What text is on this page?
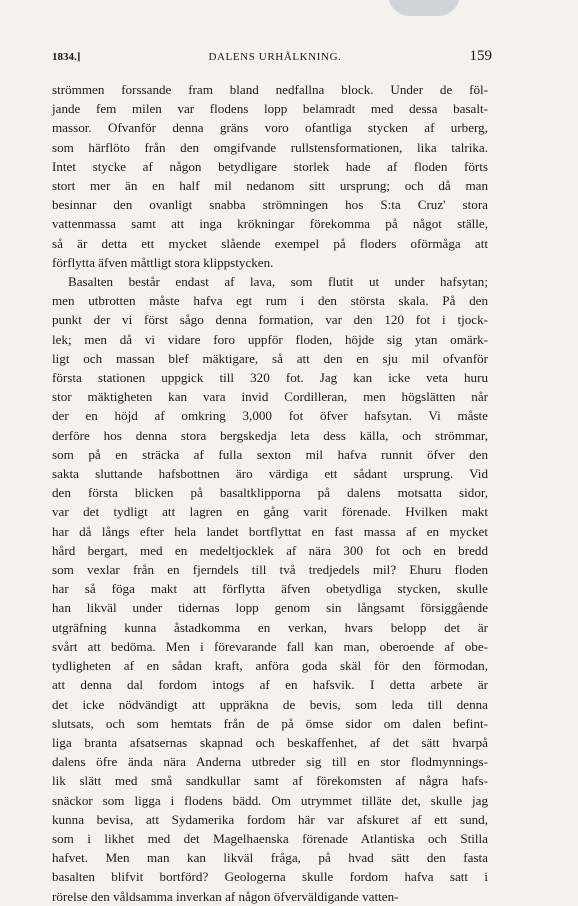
1834.]	DALENS URHÅLKNING.	159
strömmen forssande fram bland nedfallna block. Under de föl-
jande fem milen var flodens lopp belamradt med dessa basalt-
massor. Ofvanför denna gräns voro ofantliga stycken af urberg,
som härflöto från den omgifvande rullstensformationen, lika talrika.
Intet stycke af någon betydligare storlek hade af floden förts
stort mer än en half mil nedanom sitt ursprung; och då man
besinnar den ovanligt snabba strömningen hos S:ta Cruz' stora
vattenmassa samt att inga krökningar förekomma på något ställe,
så är detta ett mycket slående exempel på floders oförmåga att
förflytta äfven måttligt stora klippstycken.
Basalten består endast af lava, som flutit ut under hafsytan;
men utbrotten måste hafva egt rum i den största skala. På den
punkt der vi först sågo denna formation, var den 120 fot i tjock-
lek; men då vi vidare foro uppför floden, höjde sig ytan omärk-
ligt och massan blef mäktigare, så att den en sju mil ofvanför
första stationen uppgick till 320 fot. Jag kan icke veta huru
stor mäktigheten kan vara invid Cordilleran, men högslätten når
der en höjd af omkring 3,000 fot öfver hafsytan. Vi måste
derföre hos denna stora bergskedja leta dess källa, och strömmar,
som på en sträcka af fulla sexton mil hafva runnit öfver den
sakta sluttande hafsbottnen äro värdiga ett sådant ursprung. Vid
den första blicken på basaltklipporna på dalens motsatta sidor,
var det tydligt att lagren en gång varit förenade. Hvilken makt
har då långs efter hela landet bortflyttat en fast massa af en mycket
hård bergart, med en medeltjocklek af nära 300 fot och en bredd
som vexlar från en fjerndels till två tredjedels mil? Ehuru floden
har så föga makt att förflytta äfven obetydliga stycken, skulle
han likväl under tidernas lopp genom sin långsamt försiggående
utgräfning kunna åstadkomma en verkan, hvars belopp det är
svårt att bedöma. Men i förevarande fall kan man, oberoende af obe-
tydligheten af en sådan kraft, anföra goda skäl för den förmodan,
att denna dal fordom intogs af en hafsvik. I detta arbete är
det icke nödvändigt att uppräkna de bevis, som leda till denna
slutsats, och som hemtats från de på ömse sidor om dalen befint-
liga branta afsatsernas skapnad och beskaffenhet, af det sätt hvarpå
dalens öfre ända nära Anderna utbreder sig till en stor flodmynnings-
lik slätt med små sandkullar samt af förekomsten af några hafs-
snäckor som ligga i flodens bädd. Om utrymmet tilläte det, skulle jag
kunna bevisa, att Sydamerika fordom här var afskuret af ett sund,
som i likhet med det Magelhaenska förenade Atlantiska och Stilla
hafvet. Men man kan likväl fråga, på hvad sätt den fasta
basalten blifvit bortförd? Geologerna skulle fordom hafva satt i
rörelse den våldsamma inverkan af någon öfverväldigande vatten-
